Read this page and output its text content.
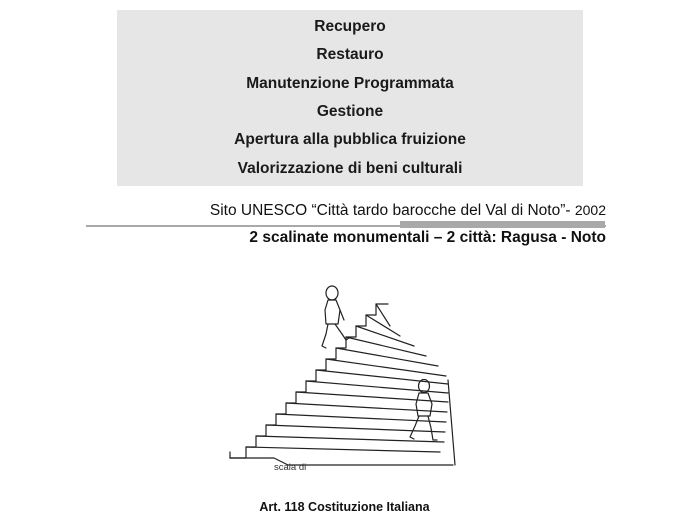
Recupero
Restauro
Manutenzione Programmata
Gestione
Apertura alla pubblica fruizione
Valorizzazione di beni culturali
Sito UNESCO “Città tardo barocche del Val di Noto”- 2002
2 scalinate monumentali – 2 città: Ragusa - Noto
scala di
Art. 118 Costituzione Italiana
